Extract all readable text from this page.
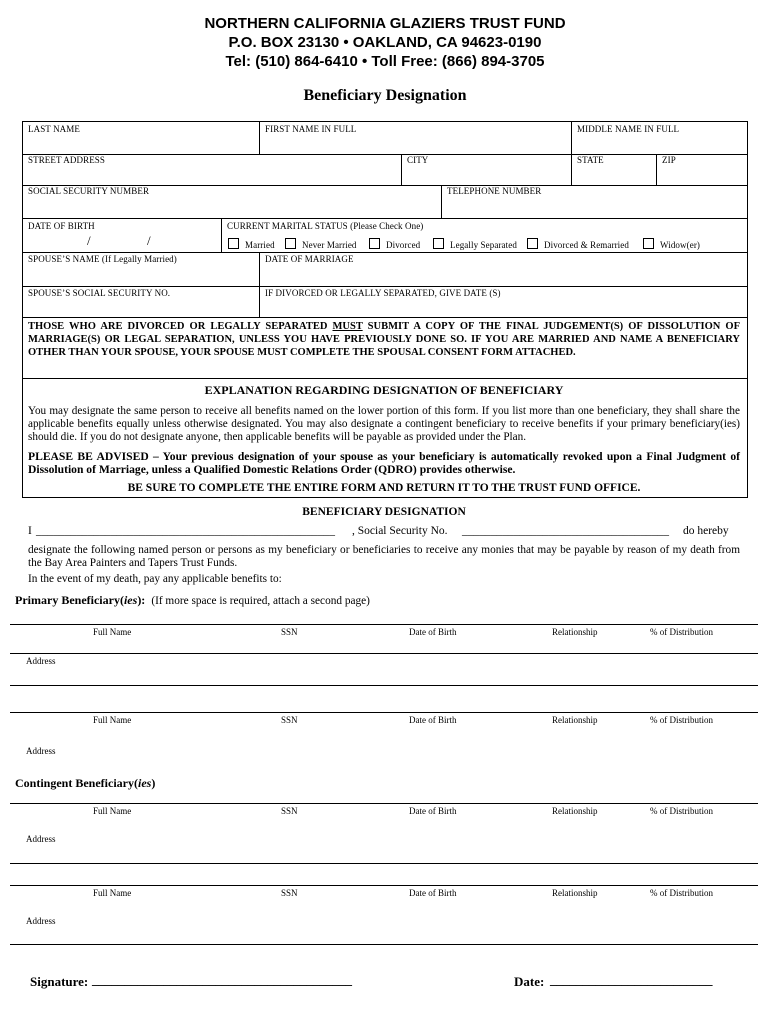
NORTHERN CALIFORNIA GLAZIERS TRUST FUND
P.O. BOX 23130 • OAKLAND, CA 94623-0190
Tel: (510) 864-6410 • Toll Free: (866) 894-3705
Beneficiary Designation
LAST NAME	FIRST NAME IN FULL	MIDDLE NAME IN FULL
STREET ADDRESS	CITY	STATE	ZIP
SOCIAL SECURITY NUMBER	TELEPHONE NUMBER
DATE OF BIRTH	CURRENT MARITAL STATUS (Please Check One)
/	/	Married	Never Married	Divorced	Legally Separated	Divorced & Remarried	Widow(er)
SPOUSE’S NAME (If Legally Married)	DATE OF MARRIAGE
SPOUSE’S SOCIAL SECURITY NO.	IF DIVORCED OR LEGALLY SEPARATED, GIVE DATE (S)
THOSE WHO ARE DIVORCED OR LEGALLY SEPARATED MUST SUBMIT A COPY OF THE FINAL JUDGEMENT(S) OF DISSOLUTION OF MARRIAGE(S) OR LEGAL SEPARATION, UNLESS YOU HAVE PREVIOUSLY DONE SO. IF YOU ARE MARRIED AND NAME A BENEFICIARY OTHER THAN YOUR SPOUSE, YOUR SPOUSE MUST COMPLETE THE SPOUSAL CONSENT FORM ATTACHED.
EXPLANATION REGARDING DESIGNATION OF BENEFICIARY
You may designate the same person to receive all benefits named on the lower portion of this form. If you list more than one beneficiary, they shall share the applicable benefits equally unless otherwise designated. You may also designate a contingent beneficiary to receive benefits if your primary beneficiary(ies) should die. If you do not designate anyone, then applicable benefits will be payable as provided under the Plan.
PLEASE BE ADVISED – Your previous designation of your spouse as your beneficiary is automatically revoked upon a Final Judgment of Dissolution of Marriage, unless a Qualified Domestic Relations Order (QDRO) provides otherwise.
BE SURE TO COMPLETE THE ENTIRE FORM AND RETURN IT TO THE TRUST FUND OFFICE.
BENEFICIARY DESIGNATION
I ____________________________________________________ , Social Security No. ____________________________________ do hereby
designate the following named person or persons as my beneficiary or beneficiaries to receive any monies that may be payable by reason of my death from the Bay Area Painters and Tapers Trust Funds.
In the event of my death, pay any applicable benefits to:
Primary Beneficiary(ies): (If more space is required, attach a second page)
Full Name	SSN	Date of Birth	Relationship	% of Distribution
Address
Full Name	SSN	Date of Birth	Relationship	% of Distribution
Address
Contingent Beneficiary(ies)
Full Name	SSN	Date of Birth	Relationship	% of Distribution
Address
Full Name	SSN	Date of Birth	Relationship	% of Distribution
Address
Signature: ________________________________________	Date: _________________________
